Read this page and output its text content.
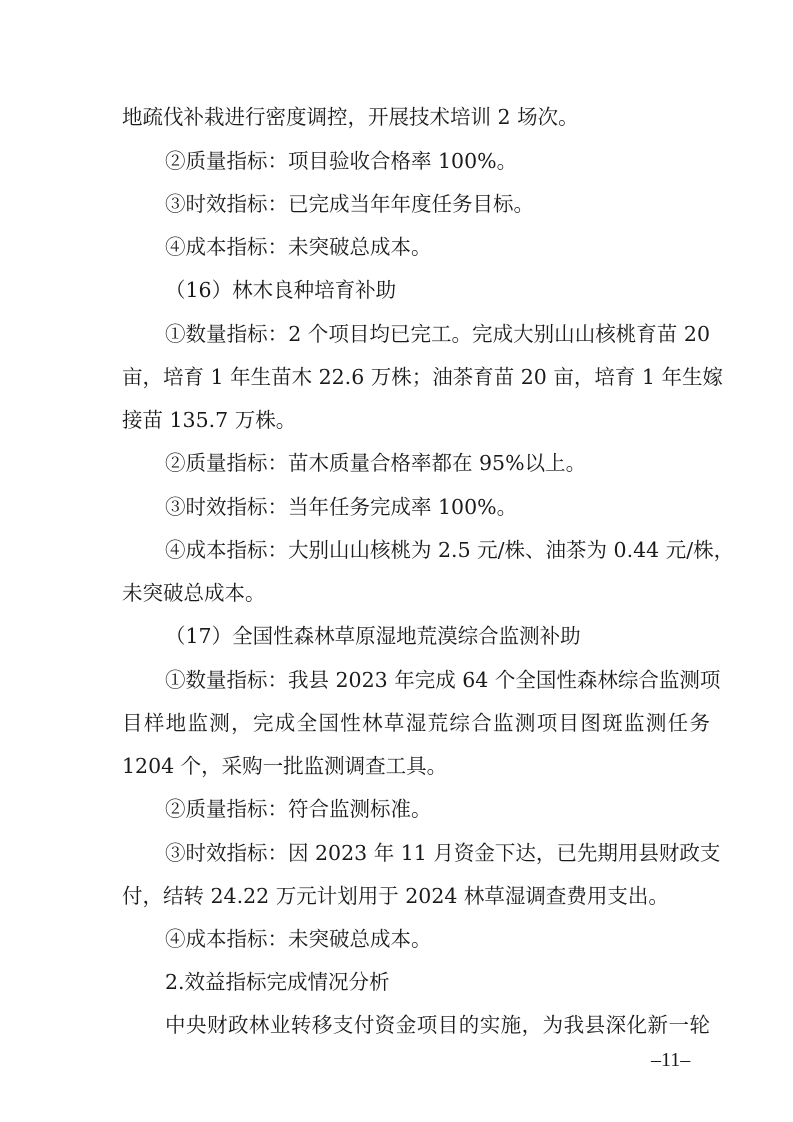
地疏伐补栽进行密度调控，开展技术培训 2 场次。

②质量指标：项目验收合格率 100%。

③时效指标：已完成当年年度任务目标。

④成本指标：未突破总成本。

（16）林木良种培育补助

①数量指标：2 个项目均已完工。完成大别山山核桃育苗 20

亩，培育 1 年生苗木 22.6 万株；油茶育苗 20 亩，培育 1 年生嫁

接苗 135.7 万株。

②质量指标：苗木质量合格率都在 95%以上。

③时效指标：当年任务完成率 100%。

④成本指标：大别山山核桃为 2.5 元/株、油茶为 0.44 元/株，

未突破总成本。

（17）全国性森林草原湿地荒漠综合监测补助

①数量指标：我县 2023 年完成 64 个全国性森林综合监测项

目样地监测，完成全国性林草湿荒综合监测项目图斑监测任务

1204 个，采购一批监测调查工具。

②质量指标：符合监测标准。

③时效指标：因 2023 年 11 月资金下达，已先期用县财政支

付，结转 24.22 万元计划用于 2024 林草湿调查费用支出。

④成本指标：未突破总成本。

2.效益指标完成情况分析

中央财政林业转移支付资金项目的实施，为我县深化新一轮

–11–
